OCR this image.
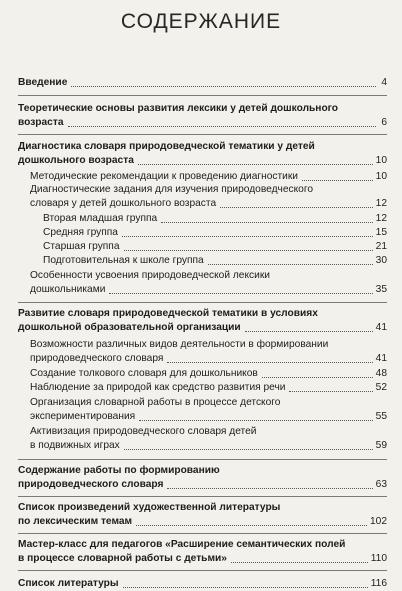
СОДЕРЖАНИЕ
Введение	4
Теоретические основы развития лексики у детей дошкольного
возраста	6
Диагностика словаря природоведческой тематики у детей
дошкольного возраста	10
Методические рекомендации к проведению диагностики	10
Диагностические задания для изучения природоведческого
словаря у детей дошкольного возраста	12
Вторая младшая группа	12
Средняя группа	15
Старшая группа	21
Подготовительная к школе группа	30
Особенности усвоения природоведческой лексики
дошкольниками	35
Развитие словаря природоведческой тематики в условиях
дошкольной образовательной организации	41
Возможности различных видов деятельности в формировании
природоведческого словаря	41
Создание толкового словаря для дошкольников	48
Наблюдение за природой как средство развития речи	52
Организация словарной работы в процессе детского
экспериментирования	55
Активизация природоведческого словаря детей
в подвижных играх	59
Содержание работы по формированию
природоведческого словаря	63
Список произведений художественной литературы
по лексическим темам	102
Мастер-класс для педагогов «Расширение семантических полей
в процессе словарной работы с детьми»	110
Список литературы	116
